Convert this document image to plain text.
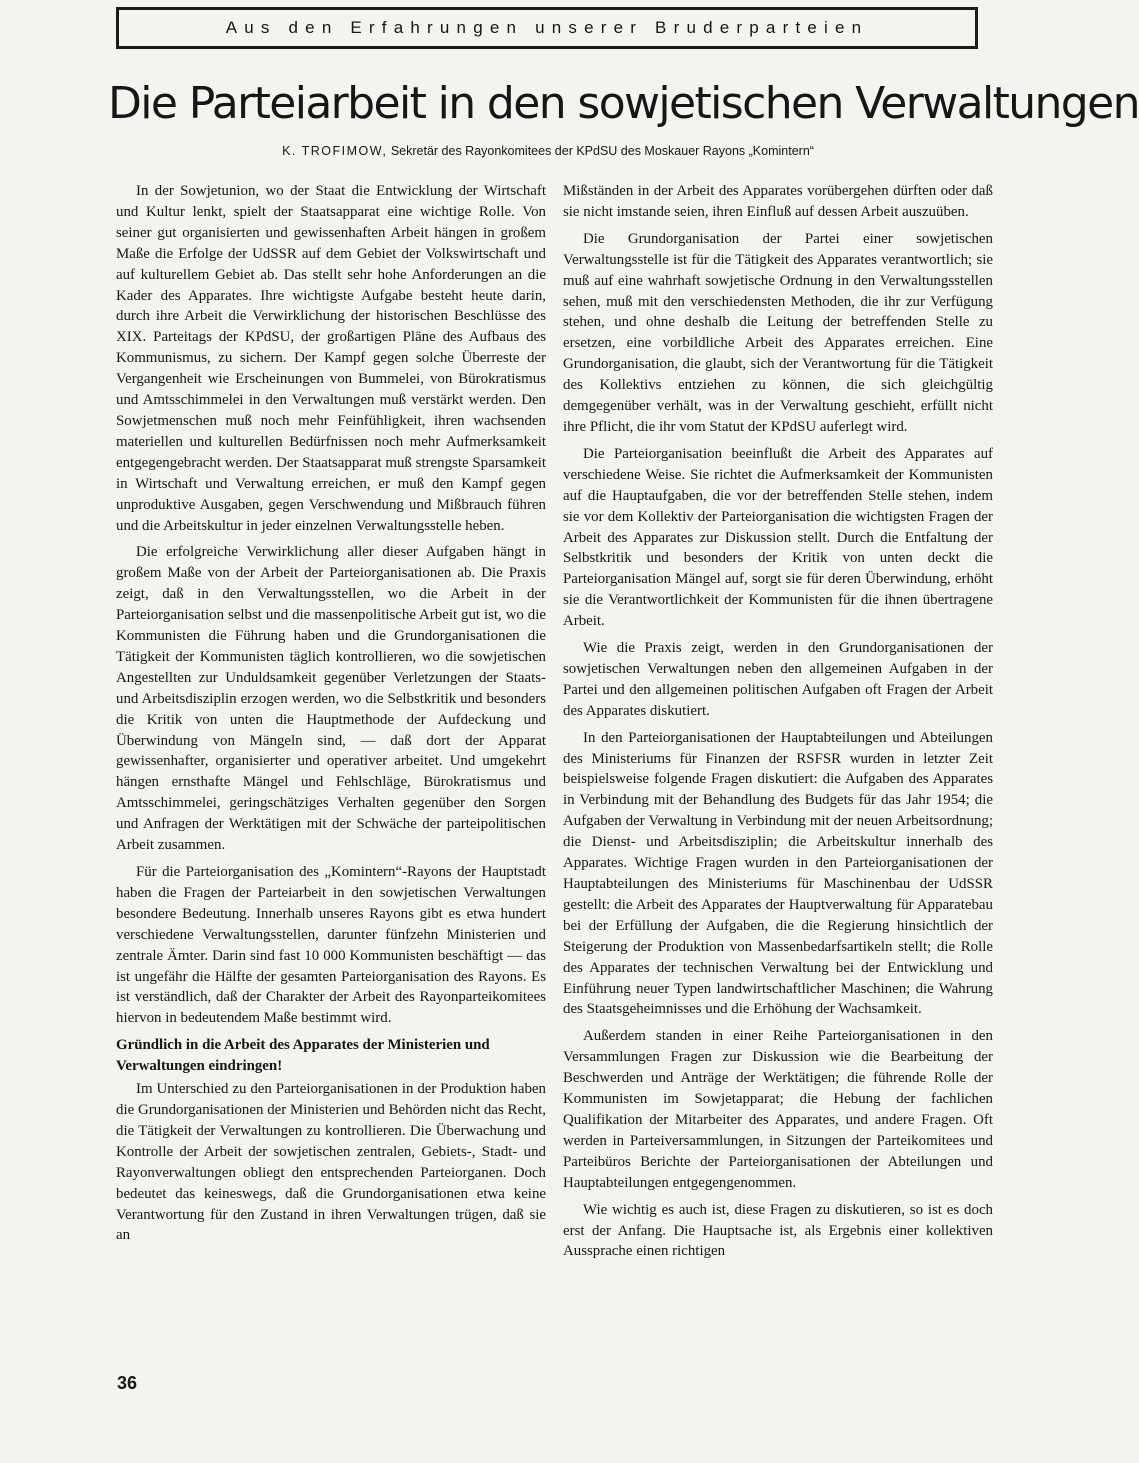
Aus den Erfahrungen unserer Bruderparteien
Die Parteiarbeit in den sowjetischen Verwaltungen
K. TROFIMOW, Sekretär des Rayonkomitees der KPdSU des Moskauer Rayons „Komintern“

In der Sowjetunion, wo der Staat die Entwicklung der Wirtschaft und Kultur lenkt, spielt der Staatsapparat eine wichtige Rolle. Von seiner gut organisierten und gewissenhaften Arbeit hängen in großem Maße die Erfolge der UdSSR auf dem Gebiet der Volkswirtschaft und auf kulturellem Gebiet ab. Das stellt sehr hohe Anforderungen an die Kader des Apparates. Ihre wichtigste Aufgabe besteht heute darin, durch ihre Arbeit die Verwirklichung der historischen Beschlüsse des XIX. Parteitags der KPdSU, der großartigen Pläne des Aufbaus des Kommunismus, zu sichern. Der Kampf gegen solche Überreste der Vergangenheit wie Erscheinungen von Bummelei, von Bürokratismus und Amtsschimmelei in den Verwaltungen muß verstärkt werden. Den Sowjetmenschen muß noch mehr Feinfühligkeit, ihren wachsenden materiellen und kulturellen Bedürfnissen noch mehr Aufmerksamkeit entgegengebracht werden. Der Staatsapparat muß strengste Sparsamkeit in Wirtschaft und Verwaltung erreichen, er muß den Kampf gegen unproduktive Ausgaben, gegen Verschwendung und Mißbrauch führen und die Arbeitskultur in jeder einzelnen Verwaltungsstelle heben.

Die erfolgreiche Verwirklichung aller dieser Aufgaben hängt in großem Maße von der Arbeit der Parteiorganisationen ab. Die Praxis zeigt, daß in den Verwaltungsstellen, wo die Arbeit in der Parteiorganisation selbst und die massenpolitische Arbeit gut ist, wo die Kommunisten die Führung haben und die Grundorganisationen die Tätigkeit der Kommunisten täglich kontrollieren, wo die sowjetischen Angestellten zur Unduldsamkeit gegenüber Verletzungen der Staats- und Arbeitsdisziplin erzogen werden, wo die Selbstkritik und besonders die Kritik von unten die Hauptmethode der Aufdeckung und Überwindung von Mängeln sind, — daß dort der Apparat gewissenhafter, organisierter und operativer arbeitet. Und umgekehrt hängen ernsthafte Mängel und Fehlschläge, Bürokratismus und Amtsschimmelei, geringschätziges Verhalten gegenüber den Sorgen und Anfragen der Werktätigen mit der Schwäche der parteipolitischen Arbeit zusammen.

Für die Parteiorganisation des „Komintern“-Rayons der Hauptstadt haben die Fragen der Parteiarbeit in den sowjetischen Verwaltungen besondere Bedeutung. Innerhalb unseres Rayons gibt es etwa hundert verschiedene Verwaltungsstellen, darunter fünfzehn Ministerien und zentrale Ämter. Darin sind fast 10 000 Kommunisten beschäftigt — das ist ungefähr die Hälfte der gesamten Parteiorganisation des Rayons. Es ist verständlich, daß der Charakter der Arbeit des Rayonparteikomitees hiervon in bedeutendem Maße bestimmt wird.

Gründlich in die Arbeit des Apparates der Ministerien und Verwaltungen eindringen!

Im Unterschied zu den Parteiorganisationen in der Produktion haben die Grundorganisationen der Ministerien und Behörden nicht das Recht, die Tätigkeit der Verwaltungen zu kontrollieren. Die Überwachung und Kontrolle der Arbeit der sowjetischen zentralen, Gebiets-, Stadt- und Rayonverwaltungen obliegt den entsprechenden Parteiorganen. Doch bedeutet das keineswegs, daß die Grundorganisationen etwa keine Verantwortung für den Zustand in ihren Verwaltungen trügen, daß sie an

Mißständen in der Arbeit des Apparates vorübergehen dürften oder daß sie nicht imstande seien, ihren Einfluß auf dessen Arbeit auszuüben.

Die Grundorganisation der Partei einer sowjetischen Verwaltungsstelle ist für die Tätigkeit des Apparates verantwortlich; sie muß auf eine wahrhaft sowjetische Ordnung in den Verwaltungsstellen sehen, muß mit den verschiedensten Methoden, die ihr zur Verfügung stehen, und ohne deshalb die Leitung der betreffenden Stelle zu ersetzen, eine vorbildliche Arbeit des Apparates erreichen. Eine Grundorganisation, die glaubt, sich der Verantwortung für die Tätigkeit des Kollektivs entziehen zu können, die sich gleichgültig demgegenüber verhält, was in der Verwaltung geschieht, erfüllt nicht ihre Pflicht, die ihr vom Statut der KPdSU auferlegt wird.

Die Parteiorganisation beeinflußt die Arbeit des Apparates auf verschiedene Weise. Sie richtet die Aufmerksamkeit der Kommunisten auf die Hauptaufgaben, die vor der betreffenden Stelle stehen, indem sie vor dem Kollektiv der Parteiorganisation die wichtigsten Fragen der Arbeit des Apparates zur Diskussion stellt. Durch die Entfaltung der Selbstkritik und besonders der Kritik von unten deckt die Parteiorganisation Mängel auf, sorgt sie für deren Überwindung, erhöht sie die Verantwortlichkeit der Kommunisten für die ihnen übertragene Arbeit.

Wie die Praxis zeigt, werden in den Grundorganisationen der sowjetischen Verwaltungen neben den allgemeinen Aufgaben in der Partei und den allgemeinen politischen Aufgaben oft Fragen der Arbeit des Apparates diskutiert.

In den Parteiorganisationen der Hauptabteilungen und Abteilungen des Ministeriums für Finanzen der RSFSR wurden in letzter Zeit beispielsweise folgende Fragen diskutiert: die Aufgaben des Apparates in Verbindung mit der Behandlung des Budgets für das Jahr 1954; die Aufgaben der Verwaltung in Verbindung mit der neuen Arbeitsordnung; die Dienst- und Arbeitsdisziplin; die Arbeitskultur innerhalb des Apparates. Wichtige Fragen wurden in den Parteiorganisationen der Hauptabteilungen des Ministeriums für Maschinenbau der UdSSR gestellt: die Arbeit des Apparates der Hauptverwaltung für Apparatebau bei der Erfüllung der Aufgaben, die die Regierung hinsichtlich der Steigerung der Produktion von Massenbedarfsartikeln stellt; die Rolle des Apparates der technischen Verwaltung bei der Entwicklung und Einführung neuer Typen landwirtschaftlicher Maschinen; die Wahrung des Staatsgeheimnisses und die Erhöhung der Wachsamkeit.

Außerdem standen in einer Reihe Parteiorganisationen in den Versammlungen Fragen zur Diskussion wie die Bearbeitung der Beschwerden und Anträge der Werktätigen; die führende Rolle der Kommunisten im Sowjetapparat; die Hebung der fachlichen Qualifikation der Mitarbeiter des Apparates, und andere Fragen. Oft werden in Parteiversammlungen, in Sitzungen der Parteikomitees und Parteibüros Berichte der Parteiorganisationen der Abteilungen und Hauptabteilungen entgegengenommen.

Wie wichtig es auch ist, diese Fragen zu diskutieren, so ist es doch erst der Anfang. Die Hauptsache ist, als Ergebnis einer kollektiven Aussprache einen richtigen

36
